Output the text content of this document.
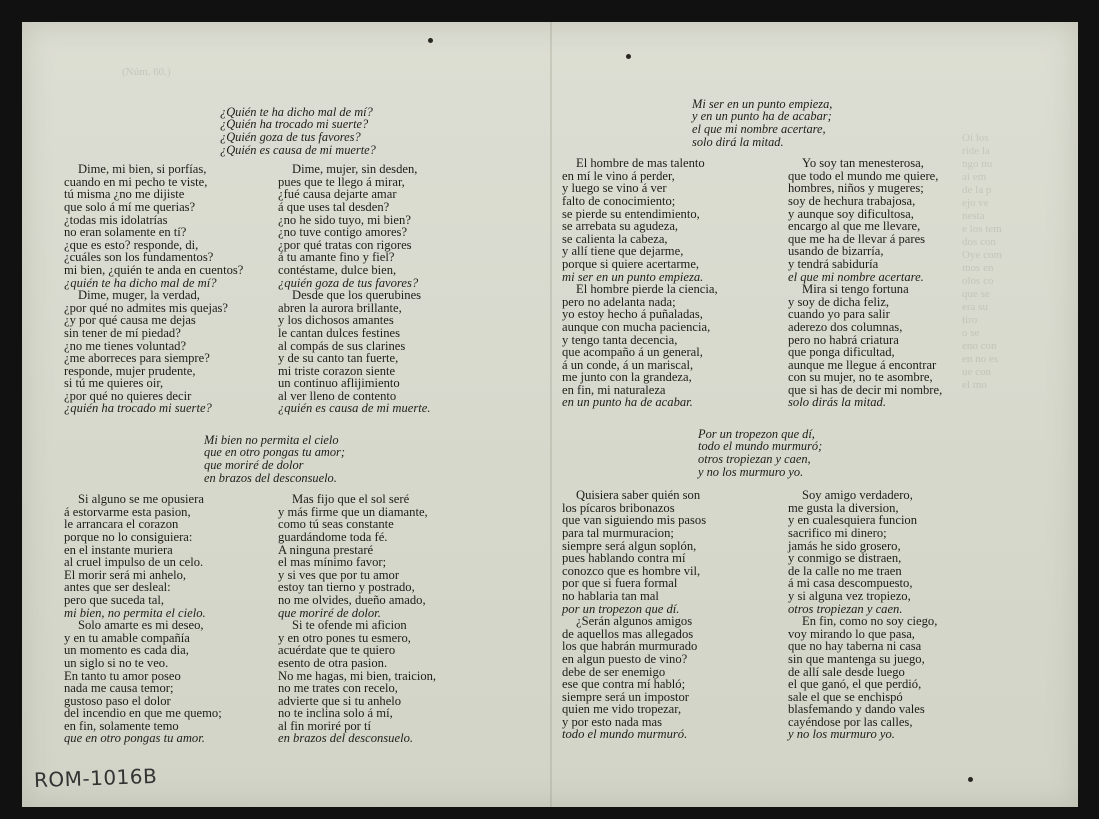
(Núm. 60.)
Oi los
ride la
ngo nu
ai em
de la p
ejo ve
nesta
e los tem
dos con
Oye com
mos en
olos co
que se
era su
tiro
o se
eno con
en no es
ue con
el mo

¿Quién te ha dicho mal de mí?
¿Quién ha trocado mi suerte?
¿Quién goza de tus favores?
¿Quién es causa de mi muerte?

Dime, mi bien, si porfías,
cuando en mi pecho te viste,
tú misma ¿no me dijiste
que solo á mí me querias?
¿todas mis idolatrías
no eran solamente en tí?
¿que es esto? responde, di,
¿cuáles son los fundamentos?
mi bien, ¿quién te anda en cuentos?
¿quién te ha dicho mal de mí?
Dime, muger, la verdad,
¿por qué no admites mis quejas?
¿y por qué causa me dejas
sin tener de mí piedad?
¿no me tienes voluntad?
¿me aborreces para siempre?
responde, mujer prudente,
si tú me quieres oir,
¿por qué no quieres decir
¿quién ha trocado mi suerte?

Dime, mujer, sin desden,
pues que te llego á mirar,
¿fué causa dejarte amar
á que uses tal desden?
¿no he sido tuyo, mi bien?
¿no tuve contigo amores?
¿por qué tratas con rigores
á tu amante fino y fiel?
contéstame, dulce bien,
¿quién goza de tus favores?
Desde que los querubines
abren la aurora brillante,
y los dichosos amantes
le cantan dulces festines
al compás de sus clarines
y de su canto tan fuerte,
mi triste corazon siente
un continuo aflijimiento
al ver lleno de contento
¿quién es causa de mi muerte.

Mi bien no permita el cielo
que en otro pongas tu amor;
que moriré de dolor
en brazos del desconsuelo.

Si alguno se me opusiera
á estorvarme esta pasion,
le arrancara el corazon
porque no lo consiguiera:
en el instante muriera
al cruel impulso de un celo.
El morir será mi anhelo,
antes que ser desleal:
pero que suceda tal,
mi bien, no permita el cielo.
Solo amarte es mi deseo,
y en tu amable compañía
un momento es cada dia,
un siglo si no te veo.
En tanto tu amor poseo
nada me causa temor;
gustoso paso el dolor
del incendio en que me quemo;
en fin, solamente temo
que en otro pongas tu amor.

Mas fijo que el sol seré
y más firme que un diamante,
como tú seas constante
guardándome toda fé.
A ninguna prestaré
el mas mínimo favor;
y si ves que por tu amor
estoy tan tierno y postrado,
no me olvides, dueño amado,
que moriré de dolor.
Si te ofende mi aficion
y en otro pones tu esmero,
acuérdate que te quiero
esento de otra pasion.
No me hagas, mi bien, traicion,
no me trates con recelo,
advierte que si tu anhelo
no te inclina solo á mí,
al fin moriré por tí
en brazos del desconsuelo.

Mi ser en un punto empieza,
y en un punto ha de acabar;
el que mi nombre acertare,
solo dirá la mitad.

El hombre de mas talento
en mí le vino á perder,
y luego se vino á ver
falto de conocimiento;
se pierde su entendimiento,
se arrebata su agudeza,
se calienta la cabeza,
y allí tiene que dejarme,
porque si quiere acertarme,
mi ser en un punto empieza.
El hombre pierde la ciencia,
pero no adelanta nada;
yo estoy hecho á puñaladas,
aunque con mucha paciencia,
y tengo tanta decencia,
que acompaño á un general,
á un conde, á un mariscal,
me junto con la grandeza,
en fin, mi naturaleza
en un punto ha de acabar.

Yo soy tan menesterosa,
que todo el mundo me quiere,
hombres, niños y mugeres;
soy de hechura trabajosa,
y aunque soy dificultosa,
encargo al que me llevare,
que me ha de llevar á pares
usando de bizarría,
y tendrá sabiduría
el que mi nombre acertare.
Mira si tengo fortuna
y soy de dicha feliz,
cuando yo para salir
aderezo dos columnas,
pero no habrá criatura
que ponga dificultad,
aunque me llegue á encontrar
con su mujer, no te asombre,
que si has de decir mi nombre,
solo dirás la mitad.

Por un tropezon que dí,
todo el mundo murmuró;
otros tropiezan y caen,
y no los murmuro yo.

Quisiera saber quién son
los pícaros bribonazos
que van siguiendo mis pasos
para tal murmuracion;
siempre será algun soplón,
pues hablando contra mí
conozco que es hombre vil,
por que si fuera formal
no hablaria tan mal
por un tropezon que dí.
¿Serán algunos amigos
de aquellos mas allegados
los que habrán murmurado
en algun puesto de vino?
debe de ser enemigo
ese que contra mí habló;
siempre será un impostor
quien me vido tropezar,
y por esto nada mas
todo el mundo murmuró.

Soy amigo verdadero,
me gusta la diversion,
y en cualesquiera funcion
sacrifico mi dinero;
jamás he sido grosero,
y conmigo se distraen,
de la calle no me traen
á mi casa descompuesto,
y si alguna vez tropiezo,
otros tropiezan y caen.
En fin, como no soy ciego,
voy mirando lo que pasa,
que no hay taberna ni casa
sin que mantenga su juego,
de allí sale desde luego
el que ganó, el que perdió,
sale el que se enchispó
blasfemando y dando vales
cayéndose por las calles,
y no los murmuro yo.

ROM-1016B
